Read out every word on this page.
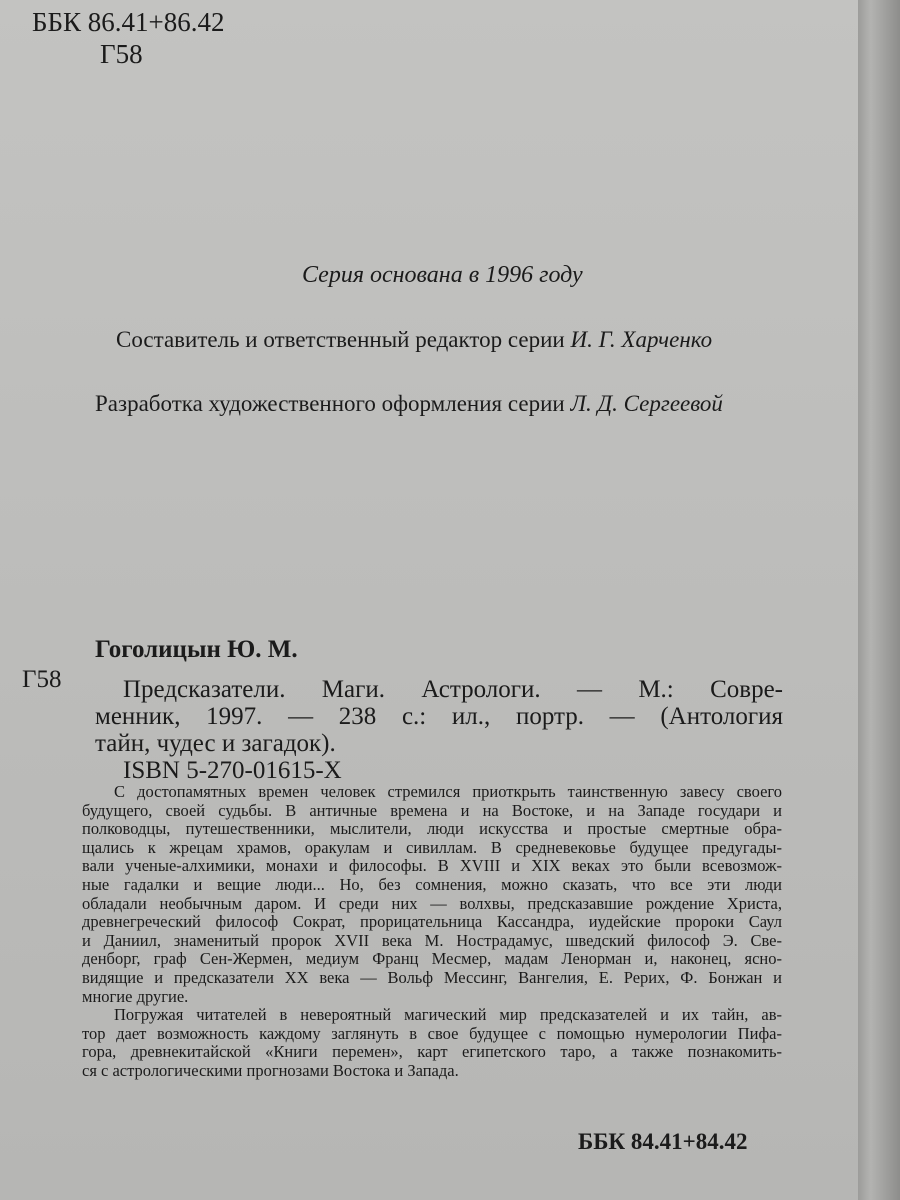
ББК 86.41+86.42
Г58
Серия основана в 1996 году
Составитель и ответственный редактор серии И. Г. Харченко
Разработка художественного оформления серии Л. Д. Сергеевой
Гоголицын Ю. М.
Г58	Предсказатели. Маги. Астрологи. — М.: Совре-
менник, 1997. — 238 с.: ил., портр. — (Антология
тайн, чудес и загадок).
ISBN 5-270-01615-X

С достопамятных времен человек стремился приоткрыть таинственную завесу своего
будущего, своей судьбы. В античные времена и на Востоке, и на Западе государи и
полководцы, путешественники, мыслители, люди искусства и простые смертные обра-
щались к жрецам храмов, оракулам и сивиллам. В средневековье будущее предугады-
вали ученые-алхимики, монахи и философы. В XVIII и XIX веках это были всевозмож-
ные гадалки и вещие люди... Но, без сомнения, можно сказать, что все эти люди
обладали необычным даром. И среди них — волхвы, предсказавшие рождение Христа,
древнегреческий философ Сократ, прорицательница Кассандра, иудейские пророки Саул
и Даниил, знаменитый пророк XVII века М. Нострадамус, шведский философ Э. Све-
денборг, граф Сен-Жермен, медиум Франц Месмер, мадам Ленорман и, наконец, ясно-
видящие и предсказатели XX века — Вольф Мессинг, Вангелия, Е. Рерих, Ф. Бонжан и
многие другие.

Погружая читателей в невероятный магический мир предсказателей и их тайн, ав-
тор дает возможность каждому заглянуть в свое будущее с помощью нумерологии Пифа-
гора, древнекитайской «Книги перемен», карт египетского таро, а также познакомить-
ся с астрологическими прогнозами Востока и Запада.

ББК 84.41+84.42
